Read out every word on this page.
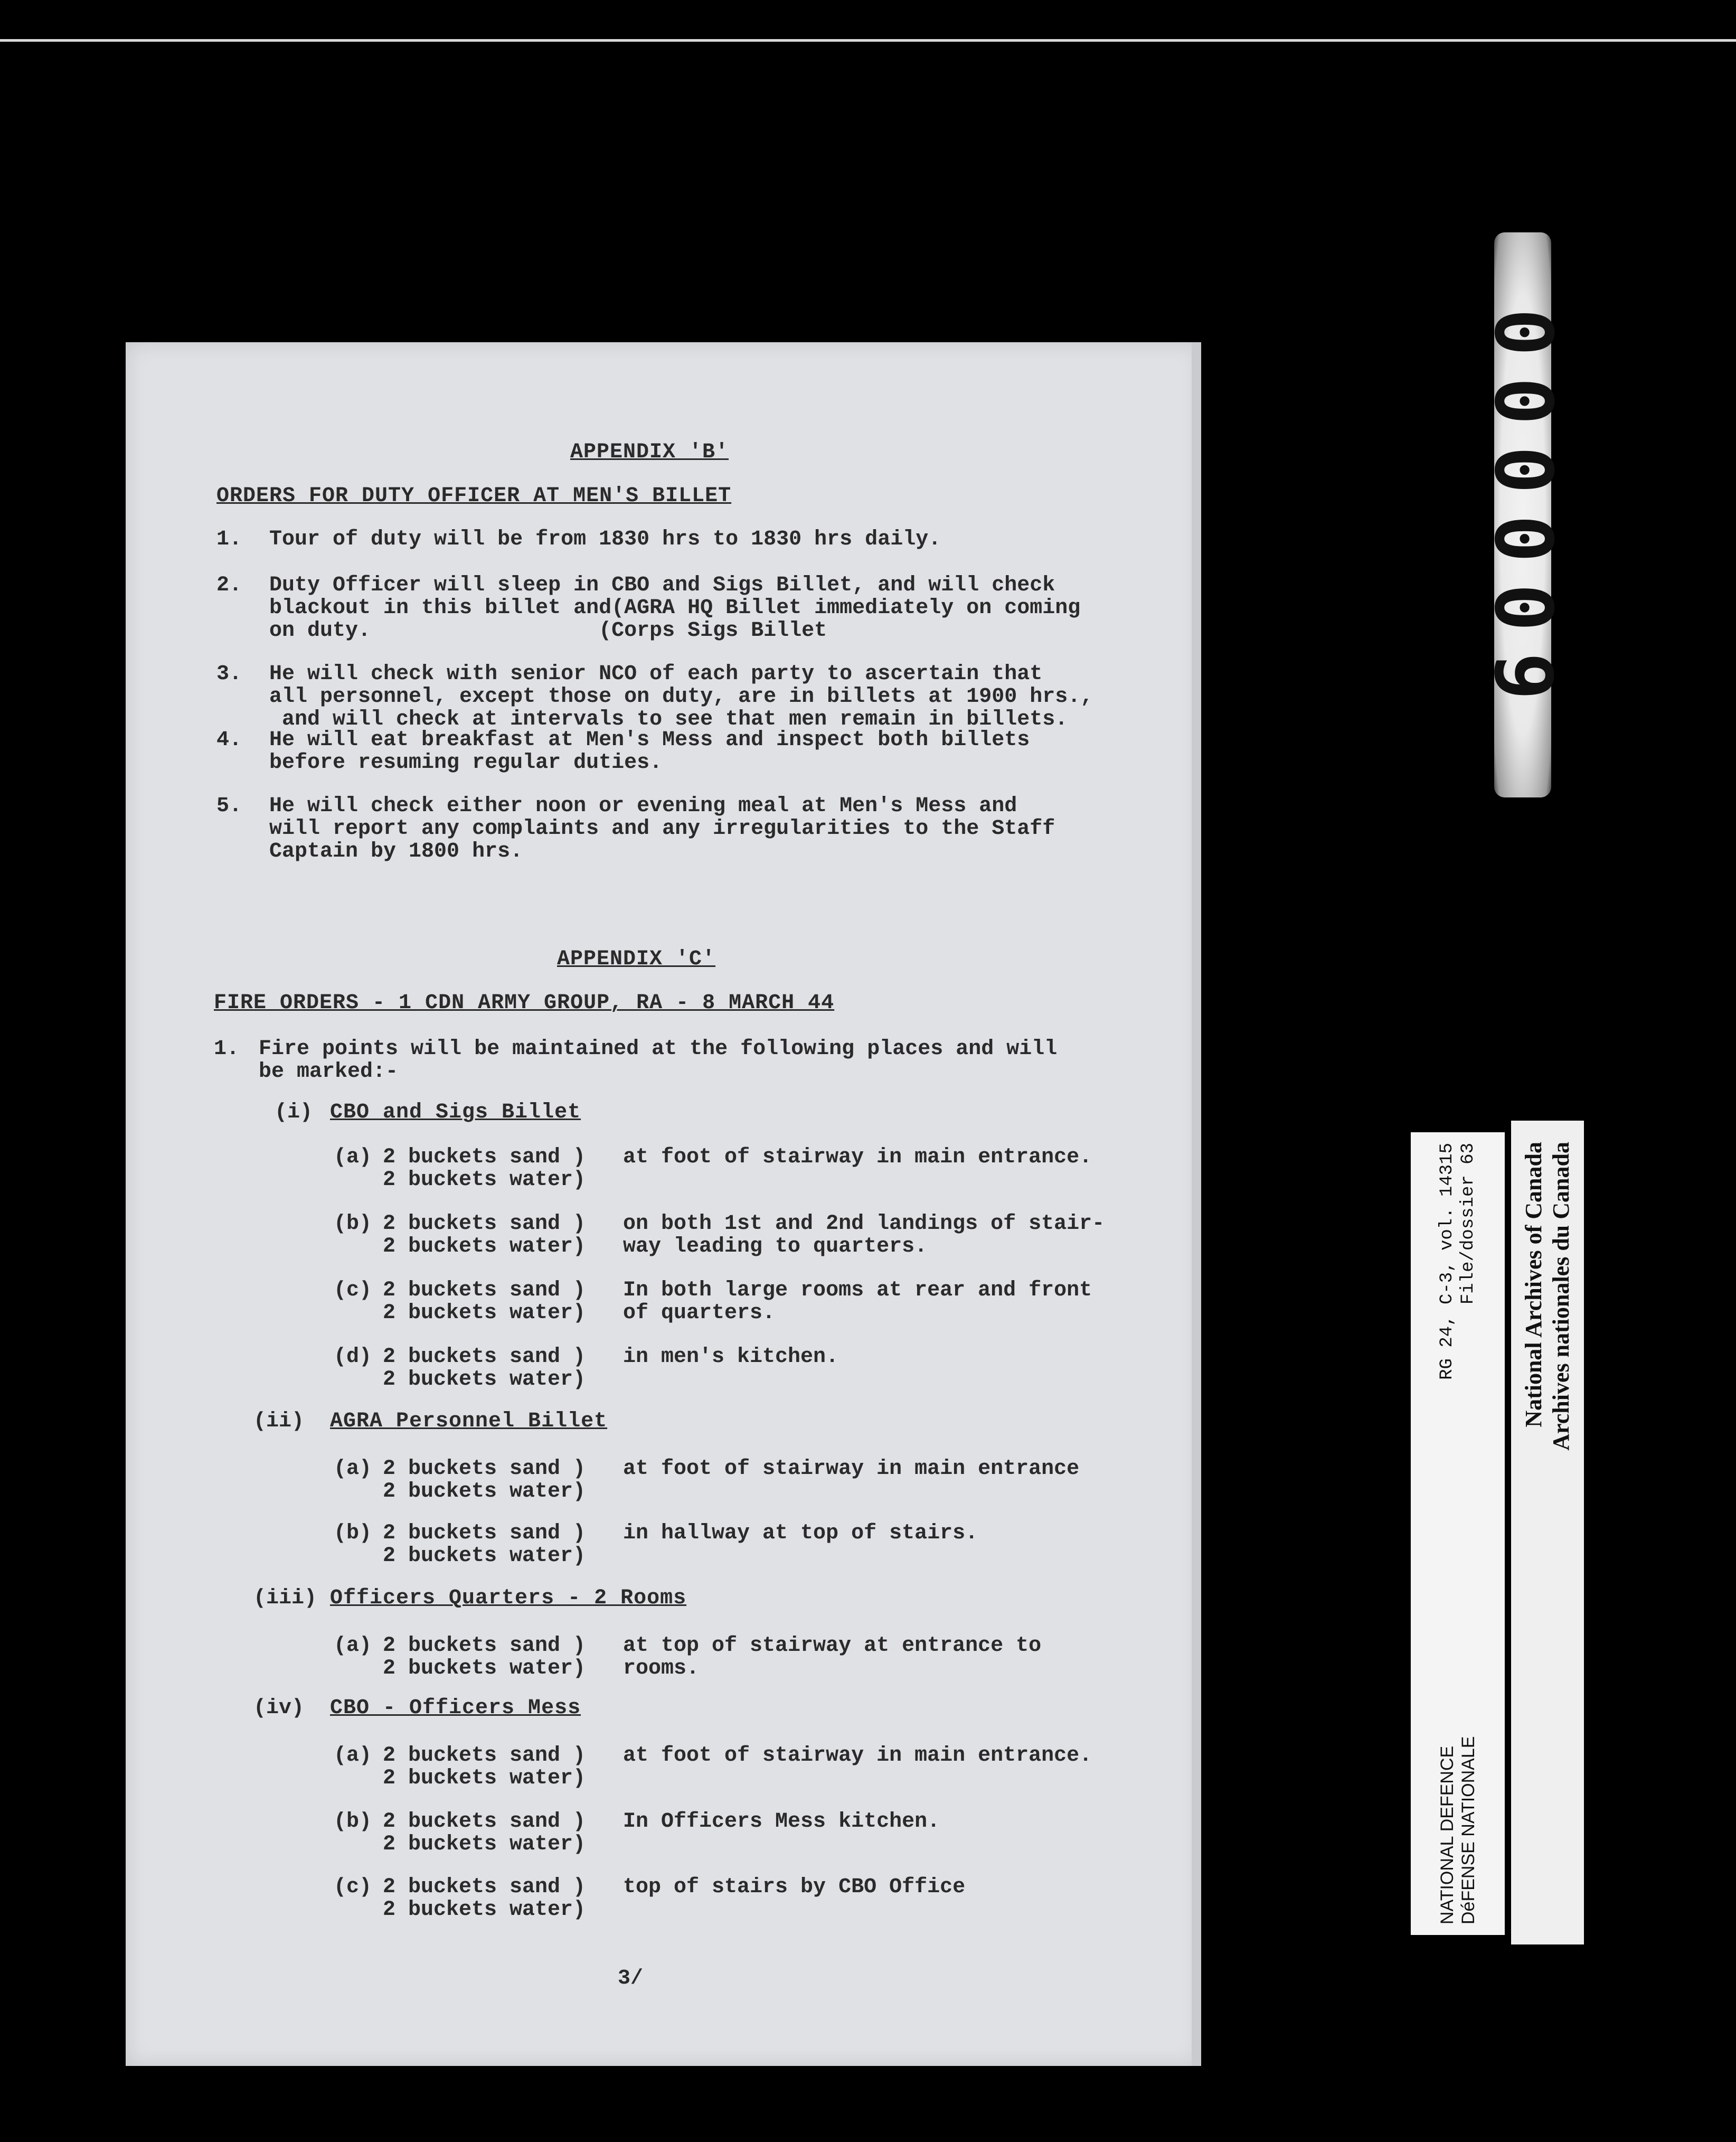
APPENDIX 'B'
ORDERS FOR DUTY OFFICER AT MEN'S BILLET
1. Tour of duty will be from 1830 hrs to 1830 hrs daily.
2. Duty Officer will sleep in CBO and Sigs Billet, and will check
blackout in this billet and(AGRA HQ Billet immediately on coming
on duty.                  (Corps Sigs Billet
3. He will check with senior NCO of each party to ascertain that
all personnel, except those on duty, are in billets at 1900 hrs.,
and will check at intervals to see that men remain in billets.
4. He will eat breakfast at Men's Mess and inspect both billets
before resuming regular duties.
5. He will check either noon or evening meal at Men's Mess and
will report any complaints and any irregularities to the Staff
Captain by 1800 hrs.
APPENDIX 'C'
FIRE ORDERS - 1 CDN ARMY GROUP, RA - 8 MARCH 44
1. Fire points will be maintained at the following places and will
be marked:-
(i) CBO and Sigs Billet
(a) 2 buckets sand )
2 buckets water)
at foot of stairway in main entrance.
(b) 2 buckets sand )
2 buckets water)
on both 1st and 2nd landings of stair-
way leading to quarters.
(c) 2 buckets sand )
2 buckets water)
In both large rooms at rear and front
of quarters.
(d) 2 buckets sand )
2 buckets water)
in men's kitchen.
(ii) AGRA Personnel Billet
(a) 2 buckets sand )
2 buckets water)
at foot of stairway in main entrance
(b) 2 buckets sand )
2 buckets water)
in hallway at top of stairs.
(iii) Officers Quarters - 2 Rooms
(a) 2 buckets sand )
2 buckets water)
at top of stairway at entrance to
rooms.
(iv) CBO - Officers Mess
(a) 2 buckets sand )
2 buckets water)
at foot of stairway in main entrance.
(b) 2 buckets sand )
2 buckets water)
In Officers Mess kitchen.
(c) 2 buckets sand )
2 buckets water)
top of stairs by CBO Office
3/
000009
NATIONAL DEFENCE DéFENSE NATIONALE
RG 24, C-3, vol. 14315 File/dossier 63 National Archives of Canada Archives nationales du Canada
